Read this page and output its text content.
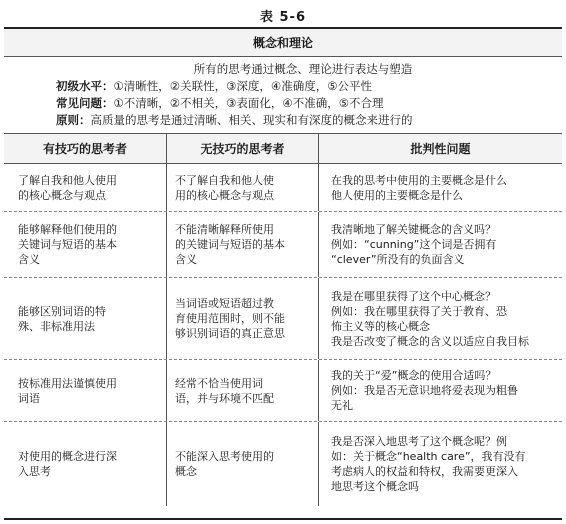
表 5-6
概念和理论
所有的思考通过概念、理论进行表达与塑造
初级水平：①清晰性，②关联性，③深度，④准确度，⑤公平性
常见问题：①不清晰，②不相关，③表面化，④不准确，⑤不合理
原则：高质量的思考是通过清晰、相关、现实和有深度的概念来进行的
有技巧的思考者	无技巧的思考者	批判性问题
了解自我和他人使用
的核心概念与观点
不了解自我和他人使
用的核心概念与观点
在我的思考中使用的主要概念是什么
他人使用的主要概念是什么
能够解释他们使用的
关键词与短语的基本
含义
不能清晰解释所使用
的关键词与短语的基本
含义
我清晰地了解关键概念的含义吗？
例如：“cunning”这个词是否拥有
“clever”所没有的负面含义
能够区别词语的特
殊、非标准用法
当词语或短语超过教
育使用范围时，则不能
够识别词语的真正意思
我是在哪里获得了这个中心概念？
例如：我在哪里获得了关于教育、恐
怖主义等的核心概念
我是否改变了概念的含义以适应自我目标
按标准用法谨慎使用
词语
经常不恰当使用词
语，并与环境不匹配
我的关于“爱”概念的使用合适吗？
例如：我是否无意识地将爱表现为粗鲁
无礼
对使用的概念进行深
入思考
不能深入思考使用的
概念
我是否深入地思考了这个概念呢？例
如：关于概念“health care”，我有没有
考虑病人的权益和特权，我需要更深入
地思考这个概念吗
